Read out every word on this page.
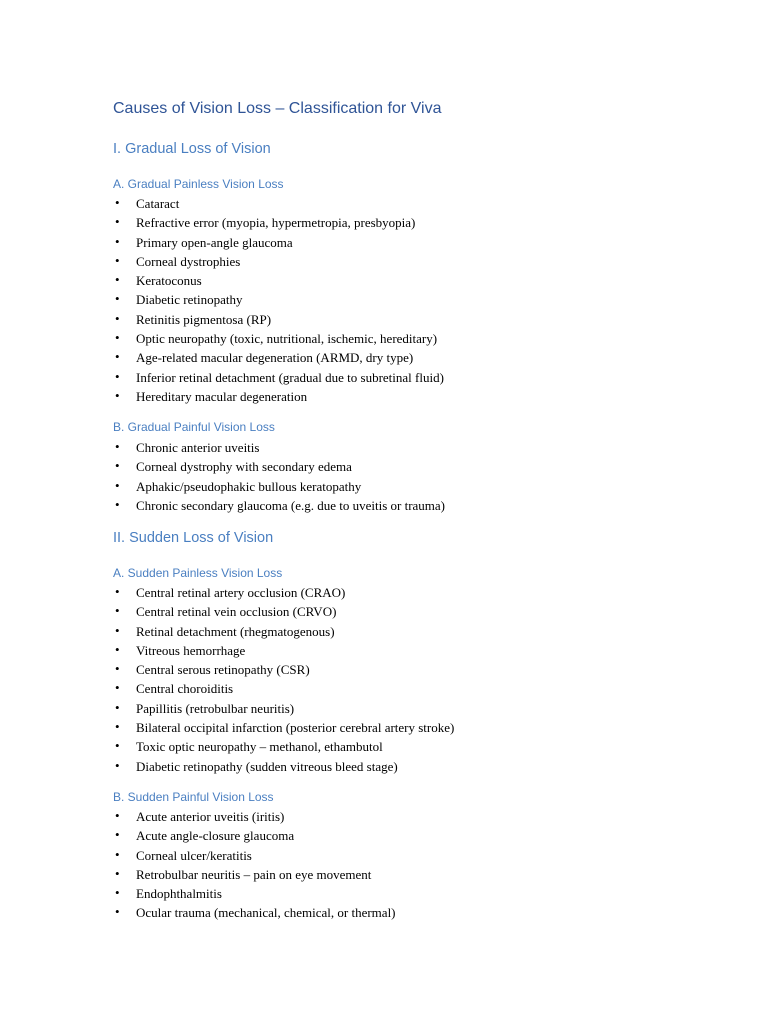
Causes of Vision Loss – Classification for Viva
I. Gradual Loss of Vision
A. Gradual Painless Vision Loss
• Cataract
• Refractive error (myopia, hypermetropia, presbyopia)
• Primary open-angle glaucoma
• Corneal dystrophies
• Keratoconus
• Diabetic retinopathy
• Retinitis pigmentosa (RP)
• Optic neuropathy (toxic, nutritional, ischemic, hereditary)
• Age-related macular degeneration (ARMD, dry type)
• Inferior retinal detachment (gradual due to subretinal fluid)
• Hereditary macular degeneration
B. Gradual Painful Vision Loss
• Chronic anterior uveitis
• Corneal dystrophy with secondary edema
• Aphakic/pseudophakic bullous keratopathy
• Chronic secondary glaucoma (e.g. due to uveitis or trauma)
II. Sudden Loss of Vision
A. Sudden Painless Vision Loss
• Central retinal artery occlusion (CRAO)
• Central retinal vein occlusion (CRVO)
• Retinal detachment (rhegmatogenous)
• Vitreous hemorrhage
• Central serous retinopathy (CSR)
• Central choroiditis
• Papillitis (retrobulbar neuritis)
• Bilateral occipital infarction (posterior cerebral artery stroke)
• Toxic optic neuropathy – methanol, ethambutol
• Diabetic retinopathy (sudden vitreous bleed stage)
B. Sudden Painful Vision Loss
• Acute anterior uveitis (iritis)
• Acute angle-closure glaucoma
• Corneal ulcer/keratitis
• Retrobulbar neuritis – pain on eye movement
• Endophthalmitis
• Ocular trauma (mechanical, chemical, or thermal)
